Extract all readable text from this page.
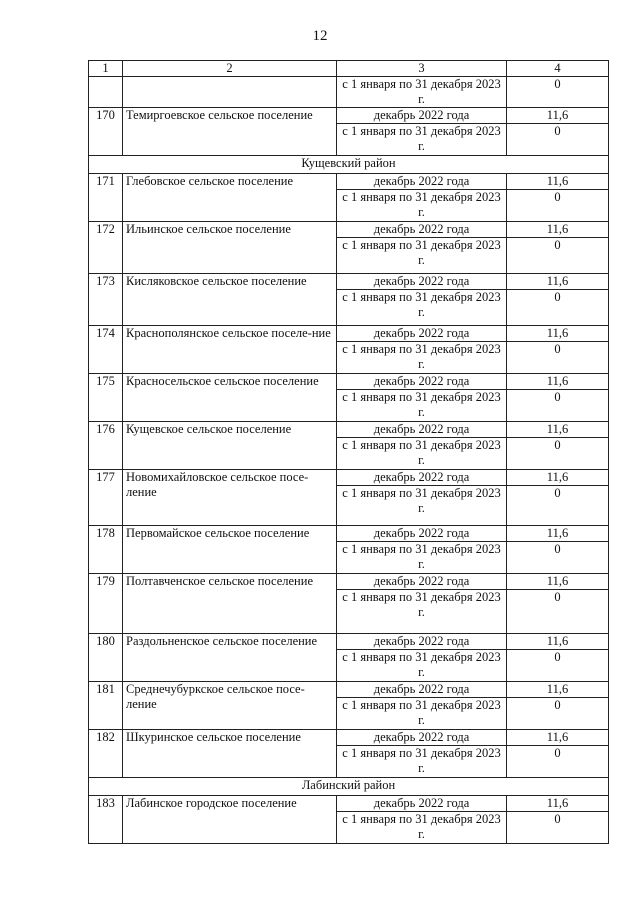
12
1	2	3	4
		с 1 января по 31 декабря 2023 г.	0
170	Темиргоевское сельское поселение	декабрь 2022 года	11,6
		с 1 января по 31 декабря 2023 г.	0
Кущевский район			
171	Глебовское сельское поселение	декабрь 2022 года	11,6
		с 1 января по 31 декабря 2023 г.	0
172	Ильинское сельское поселение	декабрь 2022 года	11,6
		с 1 января по 31 декабря 2023 г.	0
173	Кисляковское сельское поселение	декабрь 2022 года	11,6
		с 1 января по 31 декабря 2023 г.	0
174	Краснополянское сельское поселе-ние	декабрь 2022 года	11,6
		с 1 января по 31 декабря 2023 г.	0
175	Красносельское сельское поселение	декабрь 2022 года	11,6
		с 1 января по 31 декабря 2023 г.	0
176	Кущевское сельское поселение	декабрь 2022 года	11,6
		с 1 января по 31 декабря 2023 г.	0
177	Новомихайловское сельское посе-ление	декабрь 2022 года	11,6
		с 1 января по 31 декабря 2023 г.	0
178	Первомайское сельское поселение	декабрь 2022 года	11,6
		с 1 января по 31 декабря 2023 г.	0
179	Полтавченское сельское поселение	декабрь 2022 года	11,6
		с 1 января по 31 декабря 2023 г.	0
180	Раздольненское сельское поселение	декабрь 2022 года	11,6
		с 1 января по 31 декабря 2023 г.	0
181	Среднечубуркское сельское посе-ление	декабрь 2022 года	11,6
		с 1 января по 31 декабря 2023 г.	0
182	Шкуринское сельское поселение	декабрь 2022 года	11,6
		с 1 января по 31 декабря 2023 г.	0
Лабинский район			
183	Лабинское городское поселение	декабрь 2022 года	11,6
		с 1 января по 31 декабря 2023 г.	0
